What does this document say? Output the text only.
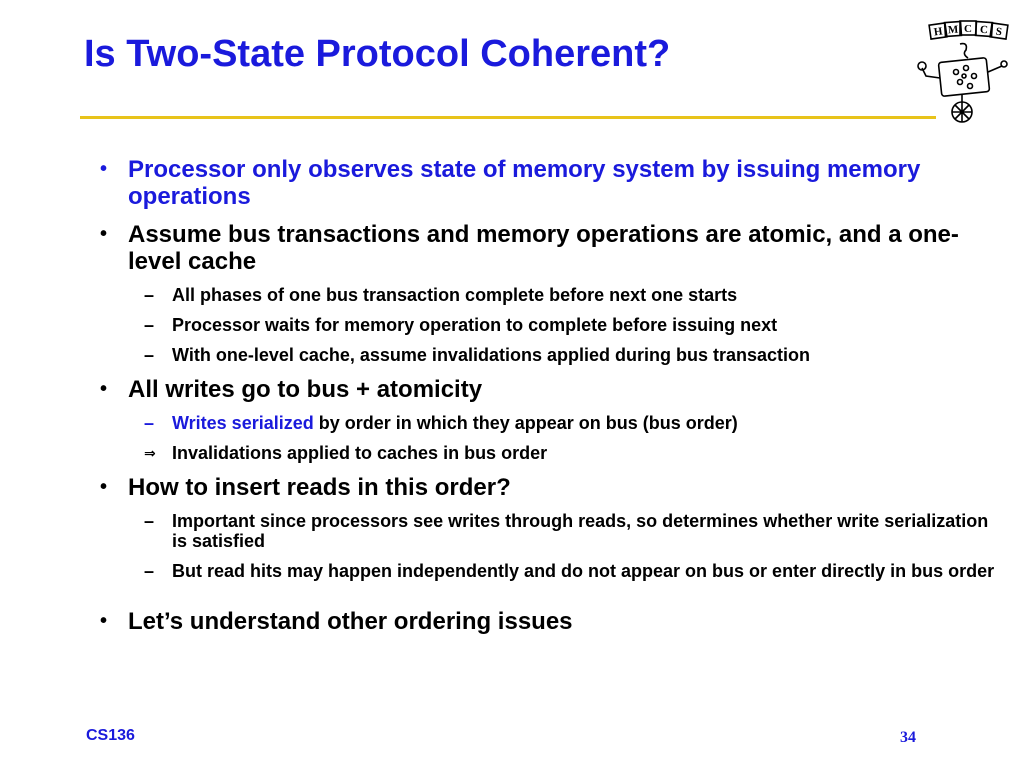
Is Two-State Protocol Coherent?
H M C C S
• Processor only observes state of memory system by issuing memory operations
• Assume bus transactions and memory operations are atomic, and a one-level cache
– All phases of one bus transaction complete before next one starts
– Processor waits for memory operation to complete before issuing next
– With one-level cache, assume invalidations applied during bus transaction
• All writes go to bus + atomicity
– Writes serialized by order in which they appear on bus (bus order)
⇒ Invalidations applied to caches in bus order
• How to insert reads in this order?
– Important since processors see writes through reads, so determines whether write serialization is satisfied
– But read hits may happen independently and do not appear on bus or enter directly in bus order
• Let’s understand other ordering issues
CS136	34
